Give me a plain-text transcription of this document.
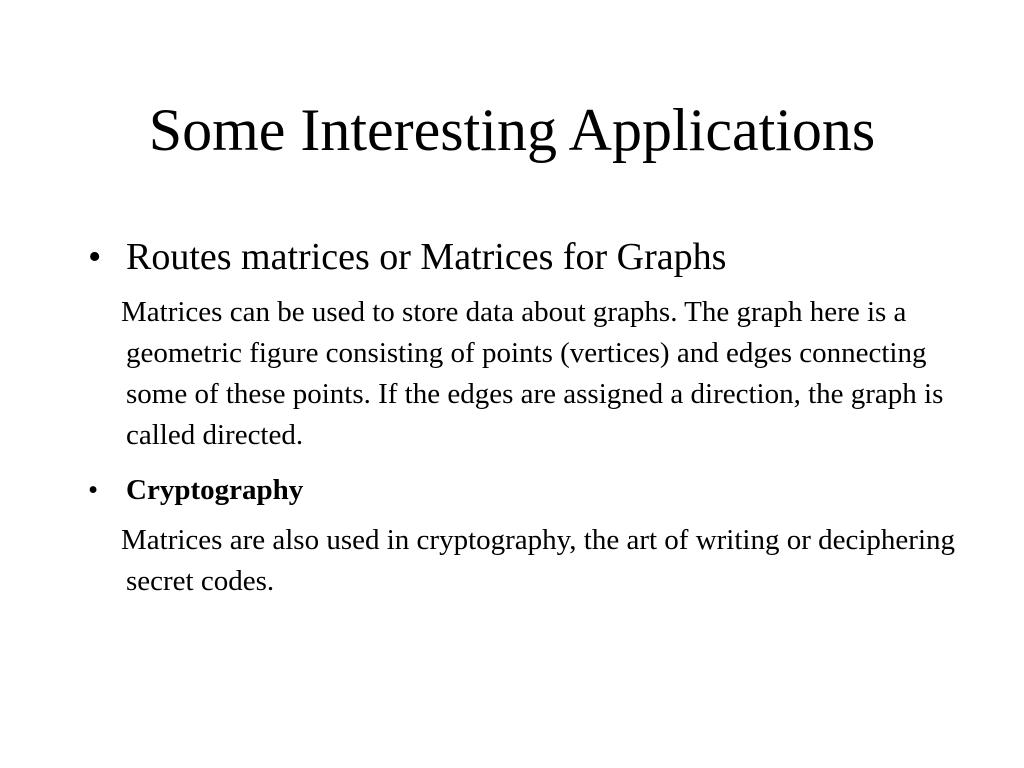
Some Interesting Applications
• Routes matrices or Matrices for Graphs
Matrices can be used to store data about graphs. The graph here is a geometric figure consisting of points (vertices) and edges connecting some of these points. If the edges are assigned a direction, the graph is called directed.
• Cryptography
Matrices are also used in cryptography, the art of writing or deciphering secret codes.
